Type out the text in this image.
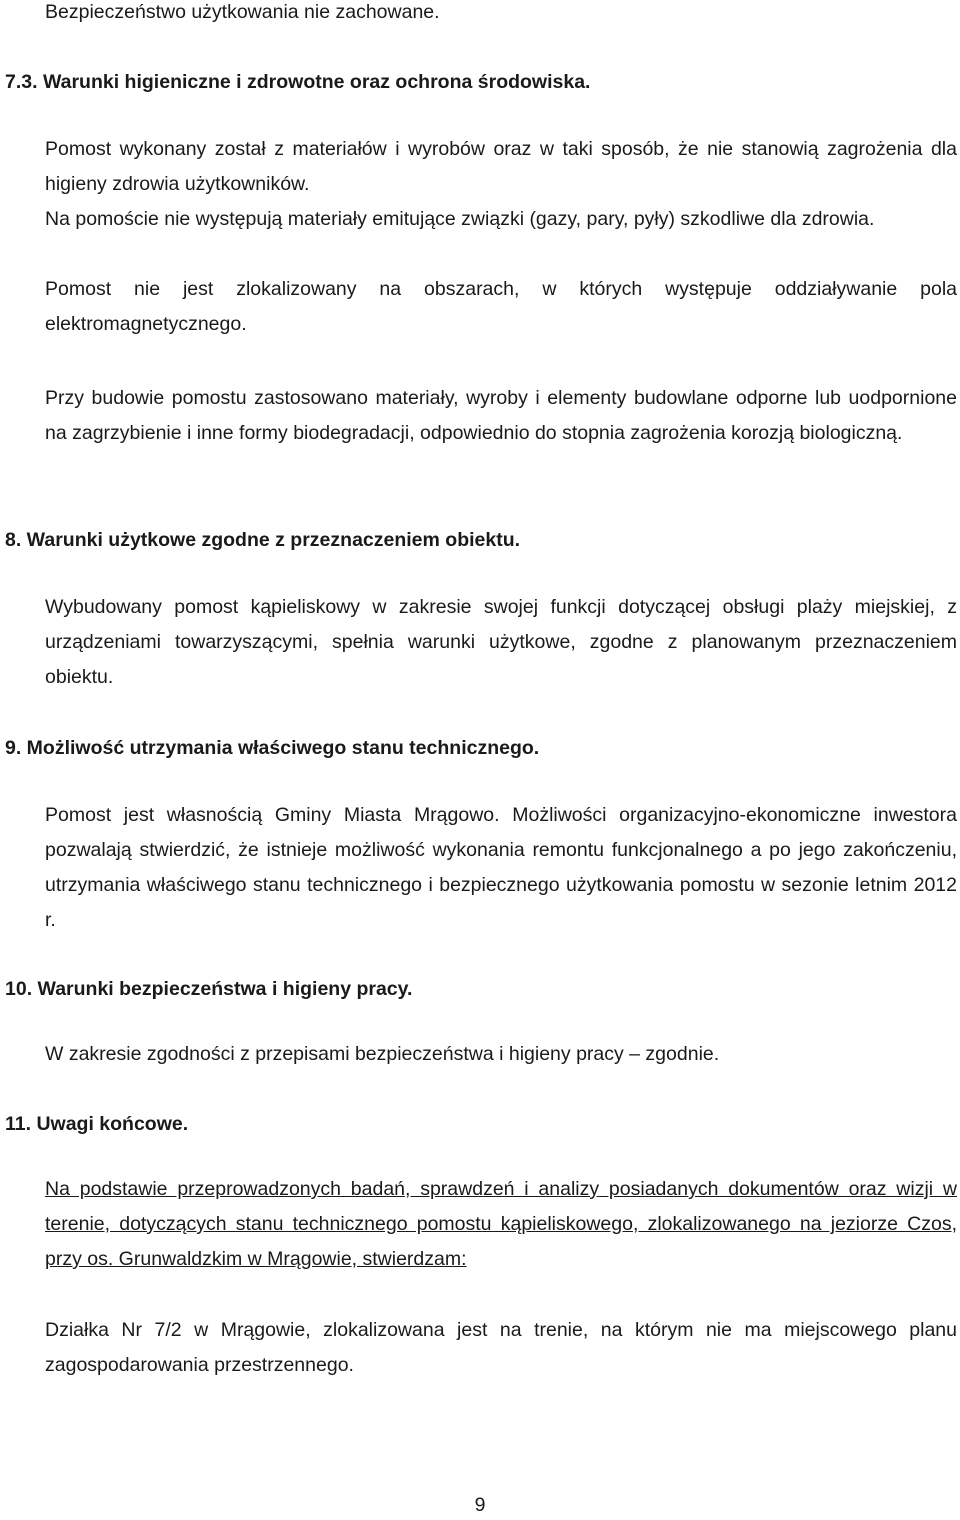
Bezpieczeństwo użytkowania nie zachowane.

7.3. Warunki higieniczne i zdrowotne oraz ochrona środowiska.

Pomost wykonany został z materiałów i wyrobów oraz w taki sposób, że nie stanowią zagrożenia dla higieny zdrowia użytkowników.

Na pomoście nie występują materiały emitujące związki (gazy, pary, pyły) szkodliwe dla zdrowia.

Pomost nie jest zlokalizowany na obszarach, w których występuje oddziaływanie pola elektromagnetycznego.

Przy budowie pomostu zastosowano materiały, wyroby i elementy budowlane odporne lub uodpornione na zagrzybienie i inne formy biodegradacji, odpowiednio do stopnia zagrożenia korozją biologiczną.

8. Warunki użytkowe zgodne z przeznaczeniem obiektu.

Wybudowany pomost kąpieliskowy w zakresie swojej funkcji dotyczącej obsługi plaży miejskiej, z urządzeniami towarzyszącymi, spełnia warunki użytkowe, zgodne z planowanym przeznaczeniem obiektu.

9. Możliwość utrzymania właściwego stanu technicznego.

Pomost jest własnością Gminy Miasta Mrągowo. Możliwości organizacyjno-ekonomiczne inwestora pozwalają stwierdzić, że istnieje możliwość wykonania remontu funkcjonalnego a po jego zakończeniu, utrzymania właściwego stanu technicznego i bezpiecznego użytkowania pomostu w sezonie letnim 2012 r.

10. Warunki bezpieczeństwa i higieny pracy.

W zakresie zgodności z przepisami bezpieczeństwa i higieny pracy – zgodnie.

11. Uwagi końcowe.

Na podstawie przeprowadzonych badań, sprawdzeń i analizy posiadanych dokumentów oraz wizji w terenie, dotyczących stanu technicznego pomostu kąpieliskowego, zlokalizowanego na jeziorze Czos, przy os. Grunwaldzkim w Mrągowie, stwierdzam:

Działka Nr 7/2 w Mrągowie, zlokalizowana jest na trenie, na którym nie ma miejscowego planu zagospodarowania przestrzennego.

9
